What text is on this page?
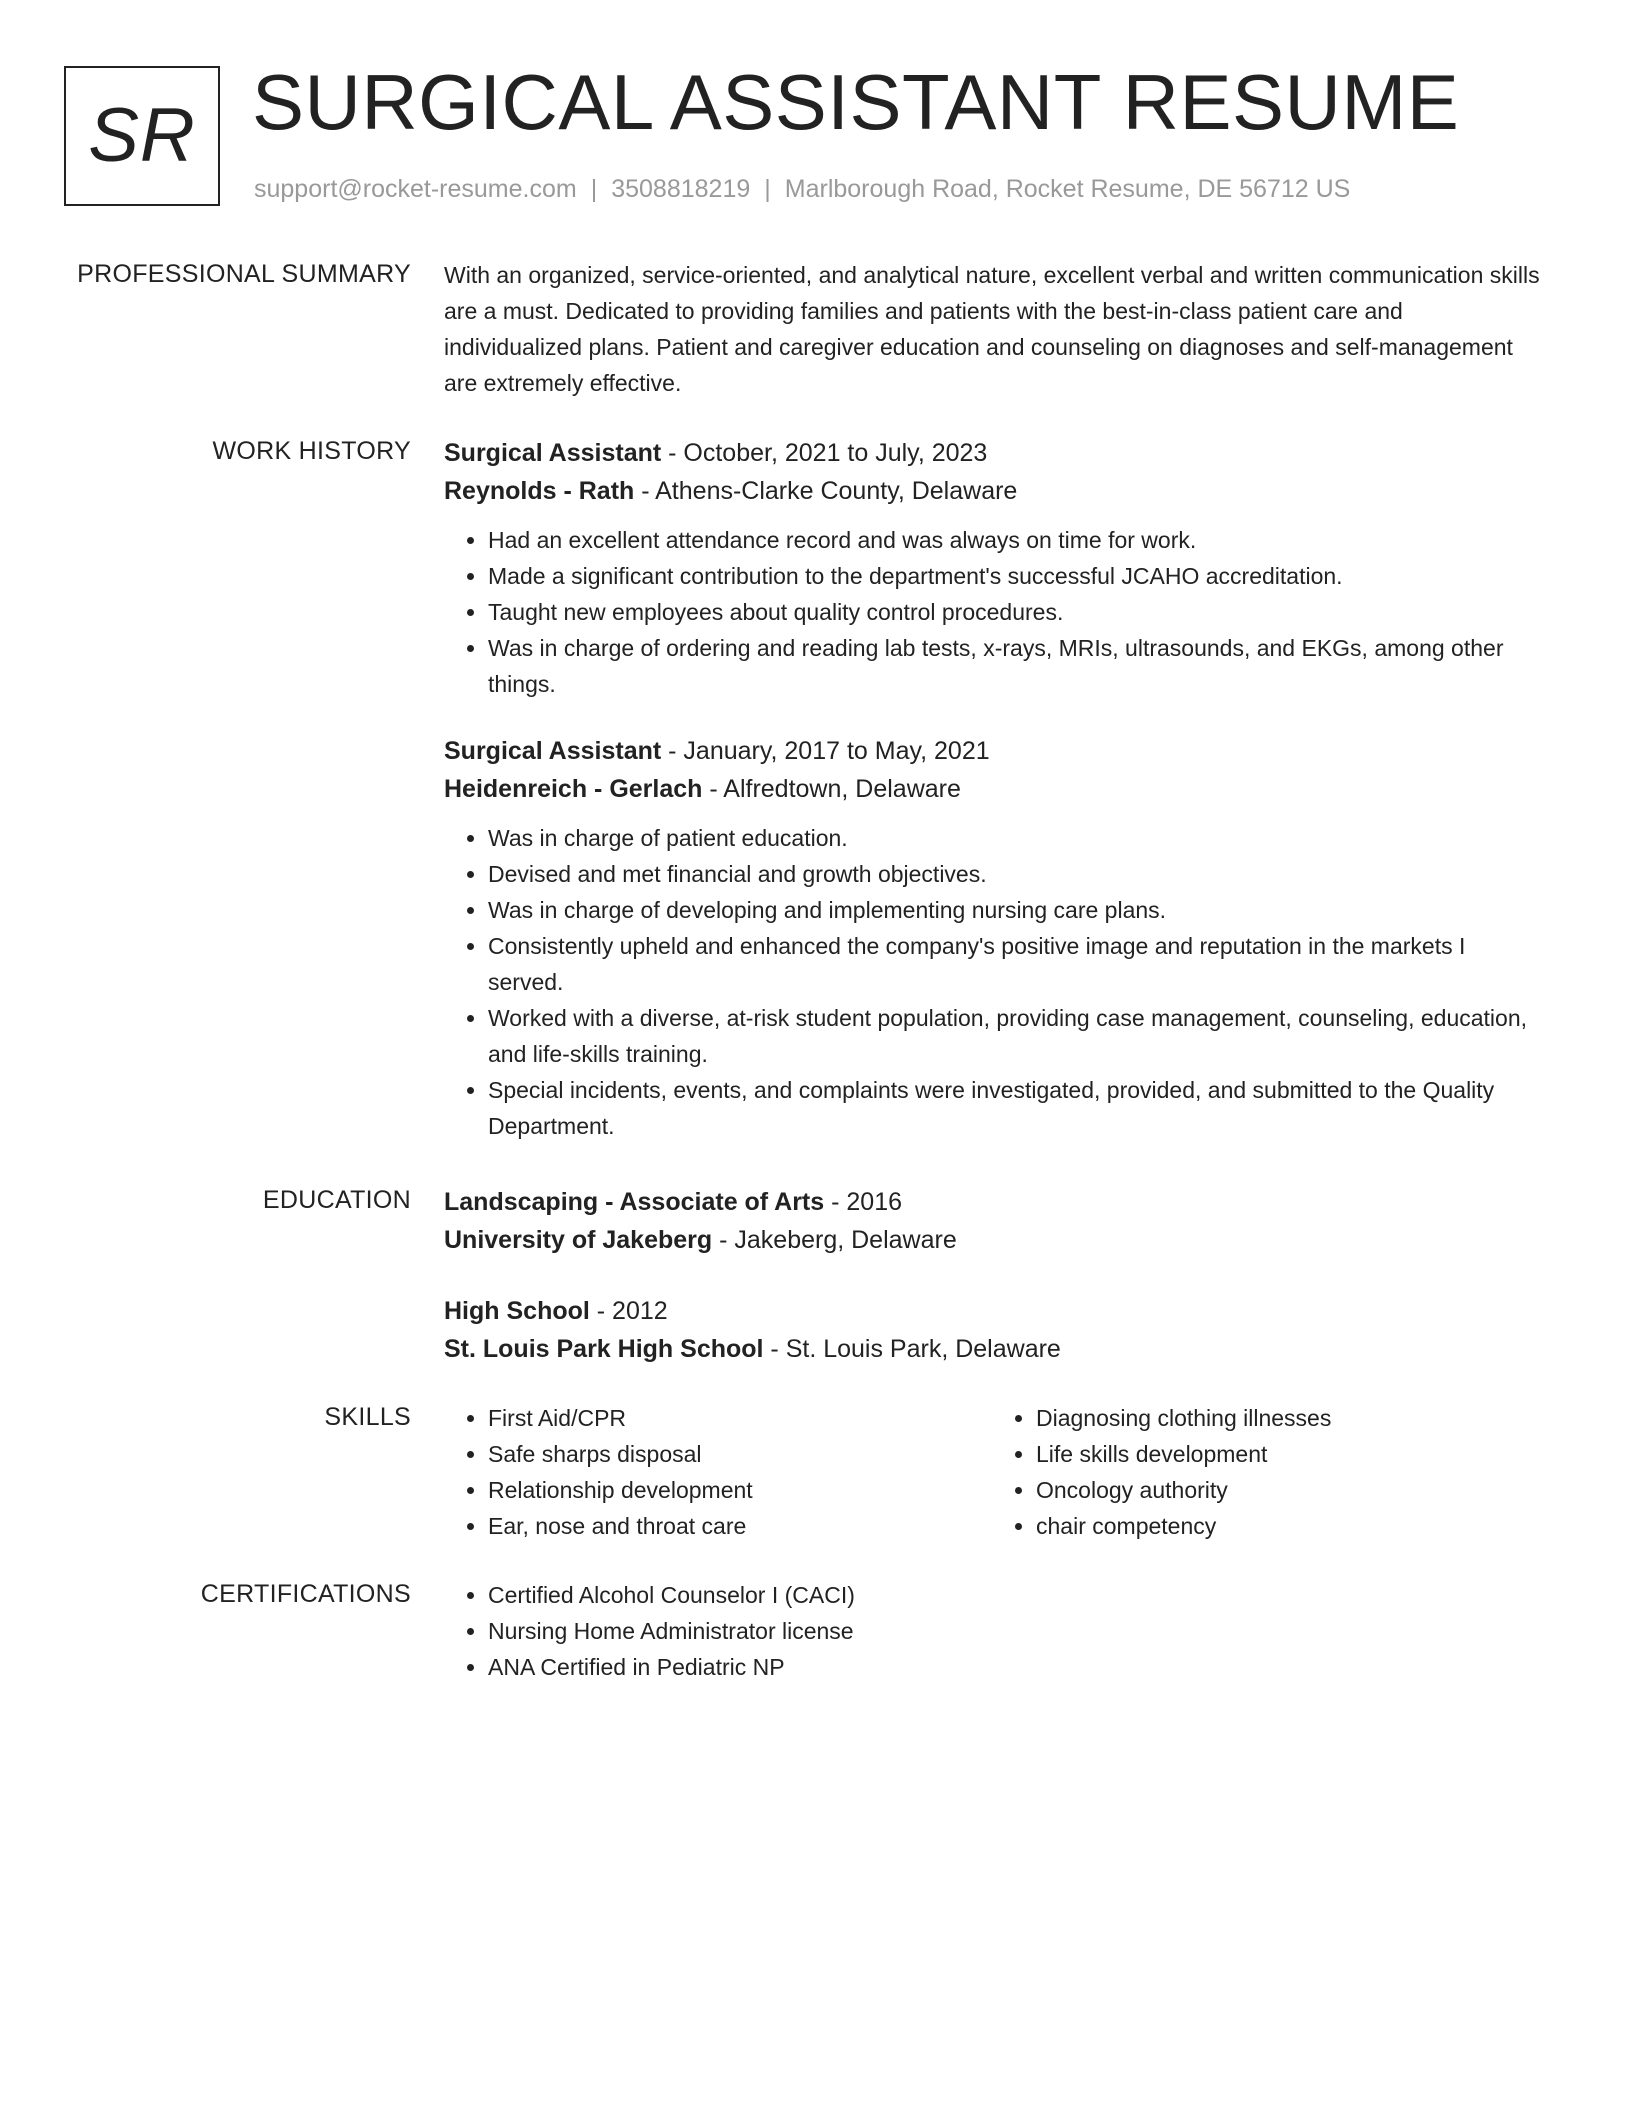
SR SURGICAL ASSISTANT RESUME
support@rocket-resume.com | 3508818219 | Marlborough Road, Rocket Resume, DE 56712 US
PROFESSIONAL SUMMARY With an organized, service-oriented, and analytical nature, excellent verbal and written communication skills are a must. Dedicated to providing families and patients with the best-in-class patient care and individualized plans. Patient and caregiver education and counseling on diagnoses and self-management are extremely effective.

WORK HISTORY Surgical Assistant - October, 2021 to July, 2023
Reynolds - Rath - Athens-Clarke County, Delaware
• Had an excellent attendance record and was always on time for work.
• Made a significant contribution to the department's successful JCAHO accreditation.
• Taught new employees about quality control procedures.
• Was in charge of ordering and reading lab tests, x-rays, MRIs, ultrasounds, and EKGs, among other things.
Surgical Assistant - January, 2017 to May, 2021
Heidenreich - Gerlach - Alfredtown, Delaware
• Was in charge of patient education.
• Devised and met financial and growth objectives.
• Was in charge of developing and implementing nursing care plans.
• Consistently upheld and enhanced the company's positive image and reputation in the markets I served.
• Worked with a diverse, at-risk student population, providing case management, counseling, education, and life-skills training.
• Special incidents, events, and complaints were investigated, provided, and submitted to the Quality Department.
EDUCATION Landscaping - Associate of Arts - 2016
University of Jakeberg - Jakeberg, Delaware
High School - 2012
St. Louis Park High School - St. Louis Park, Delaware
SKILLS	• First Aid/CPR
• Safe sharps disposal
• Relationship development
• Ear, nose and throat care
• Diagnosing clothing illnesses
• Life skills development
• Oncology authority
• chair competency
CERTIFICATIONS	• Certified Alcohol Counselor I (CACI)
• Nursing Home Administrator license
• ANA Certified in Pediatric NP
